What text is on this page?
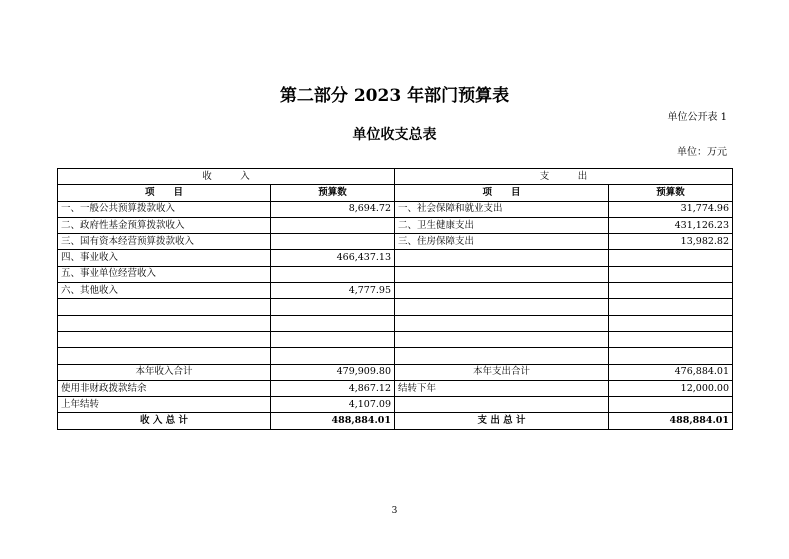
第二部分 2023 年部门预算表
单位公开表 1
单位收支总表
单位：万元
收　　　入		支　　　出	
项　　目	预算数	项　　目	预算数
一、一般公共预算拨款收入	8,694.72	一、社会保障和就业支出	31,774.96
二、政府性基金预算拨款收入		二、卫生健康支出	431,126.23
三、国有资本经营预算拨款收入		三、住房保障支出	13,982.82
四、事业收入	466,437.13		
五、事业单位经营收入			
六、其他收入	4,777.95		

本年收入合计	479,909.80	本年支出合计	476,884.01
使用非财政拨款结余	4,867.12	结转下年	12,000.00
上年结转	4,107.09		
收 入 总 计	488,884.01	支 出 总 计	488,884.01
3
